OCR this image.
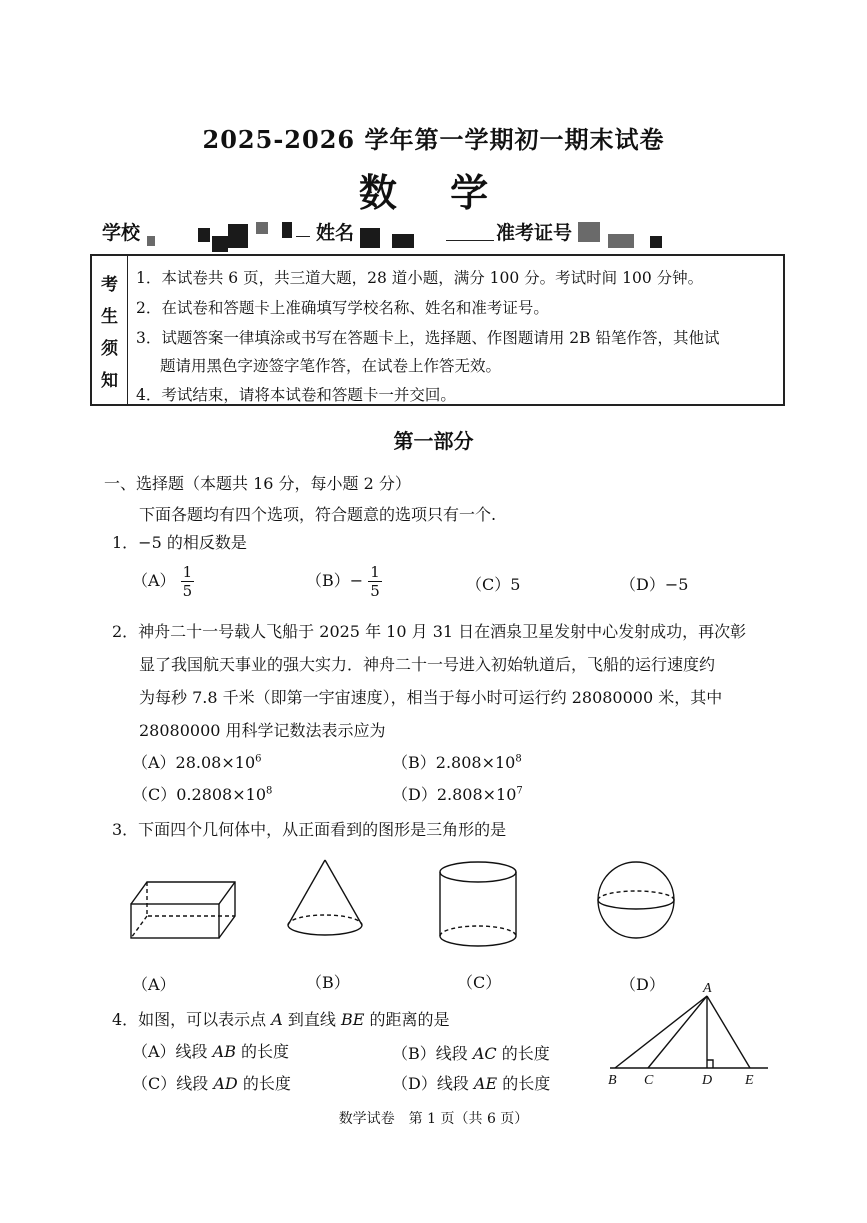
2025-2026 学年第一学期初一期末试卷
数 学
学校	姓名	准考证号
考
生
须
知
1．本试卷共 6 页，共三道大题，28 道小题，满分 100 分。考试时间 100 分钟。
2．在试卷和答题卡上准确填写学校名称、姓名和准考证号。
3．试题答案一律填涂或书写在答题卡上，选择题、作图题请用 2B 铅笔作答，其他试
题请用黑色字迹签字笔作答，在试卷上作答无效。
4．考试结束，请将本试卷和答题卡一并交回。
第一部分
一、选择题（本题共 16 分，每小题 2 分）
下面各题均有四个选项，符合题意的选项只有一个.
1．−5 的相反数是
$(A) \frac{1}{5}$	$(B)- \frac{1}{5}$	（C）5	（D）−5
2．神舟二十一号载人飞船于 2025 年 10 月 31 日在酒泉卫星发射中心发射成功，再次彰
显了我国航天事业的强大实力．神舟二十一号进入初始轨道后，飞船的运行速度约
为每秒 7.8 千米（即第一宇宙速度），相当于每小时可运行约 28080000 米，其中
28080000 用科学记数法表示应为
$(A)28.08\times 10^6$	$(B)2.808\times 10^8$
$(C)0.2808\times 10^8$	$(D)2.808\times 10^7$
3．下面四个几何体中，从正面看到的图形是三角形的是
（A）	（B）	（C）	（D）
4．如图，可以表示点 A 到直线 BE 的距离的是
（A）线段 AB 的长度	（B）线段 AC 的长度
（C）线段 AD 的长度	（D）线段 AE 的长度
A
B C	D E
数学试卷　第 1 页（共 6 页）
